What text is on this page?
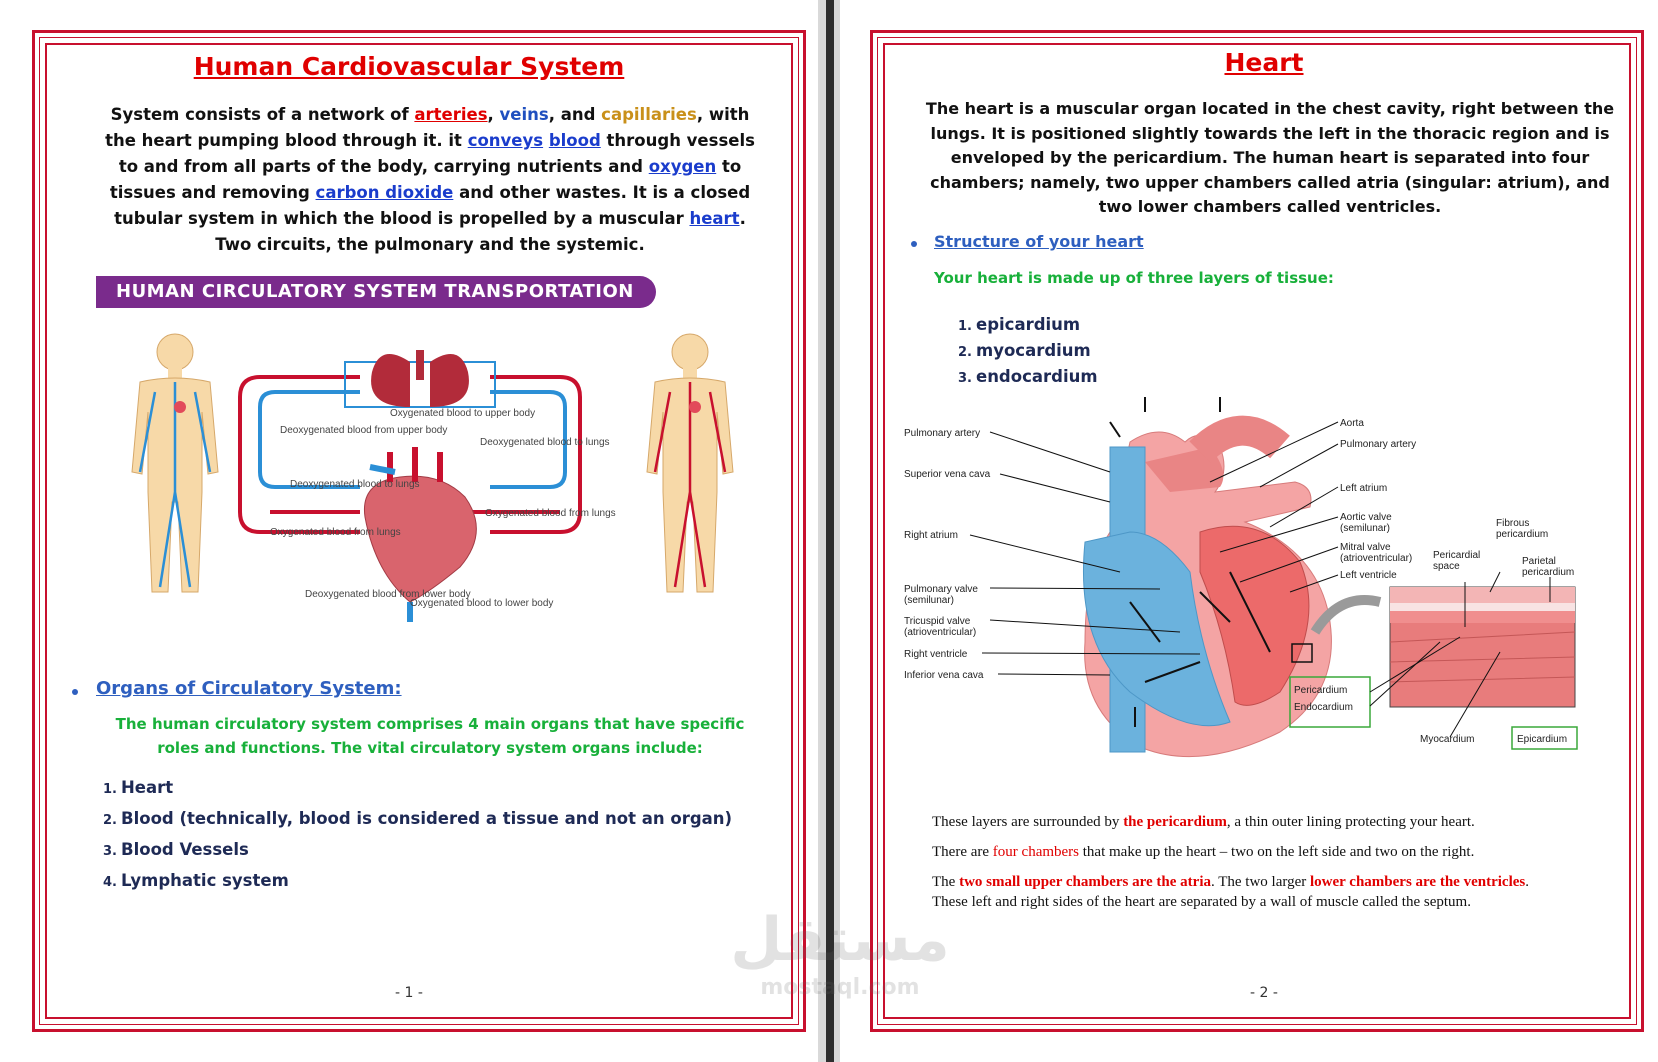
Human Cardiovascular System
System consists of a network of arteries, veins, and capillaries, with the heart pumping blood through it. it conveys blood through vessels to and from all parts of the body, carrying nutrients and oxygen to tissues and removing carbon dioxide and other wastes. It is a closed tubular system in which the blood is propelled by a muscular heart. Two circuits, the pulmonary and the systemic.
HUMAN CIRCULATORY SYSTEM TRANSPORTATION
Oxygenated blood to upper body
Deoxygenated blood from upper body
Deoxygenated blood to lungs
Deoxygenated blood to lungs
Oxygenated blood from lungs
Oxygenated blood from lungs
Deoxygenated blood from lower body
Oxygenated blood to lower body
Organs of Circulatory System:
The human circulatory system comprises 4 main organs that have specific roles and functions. The vital circulatory system organs include:
1. Heart
2. Blood (technically, blood is considered a tissue and not an organ)
3. Blood Vessels
4. Lymphatic system
- 1 -
Heart
The heart is a muscular organ located in the chest cavity, right between the lungs. It is positioned slightly towards the left in the thoracic region and is enveloped by the pericardium. The human heart is separated into four chambers; namely, two upper chambers called atria (singular: atrium), and two lower chambers called ventricles.
Structure of your heart
Your heart is made up of three layers of tissue:
1. epicardium
2. myocardium
3. endocardium
Pulmonary artery
Superior vena cava
Right atrium
Pulmonary valve
(semilunar)
Tricuspid valve
(atrioventricular)
Right ventricle
Inferior vena cava
Aorta
Pulmonary artery
Left atrium
Aortic valve
(semilunar)
Mitral valve
(atrioventricular)
Left ventricle
Pericardial
space
Fibrous
pericardium
Parietal
pericardium
Pericardium
Endocardium
Myocardium	Epicardium
These layers are surrounded by the pericardium, a thin outer lining protecting your heart.
There are four chambers that make up the heart – two on the left side and two on the right.
The two small upper chambers are the atria. The two larger lower chambers are the ventricles.
These left and right sides of the heart are separated by a wall of muscle called the septum.
- 2 -
مستقل
mostaql.com
